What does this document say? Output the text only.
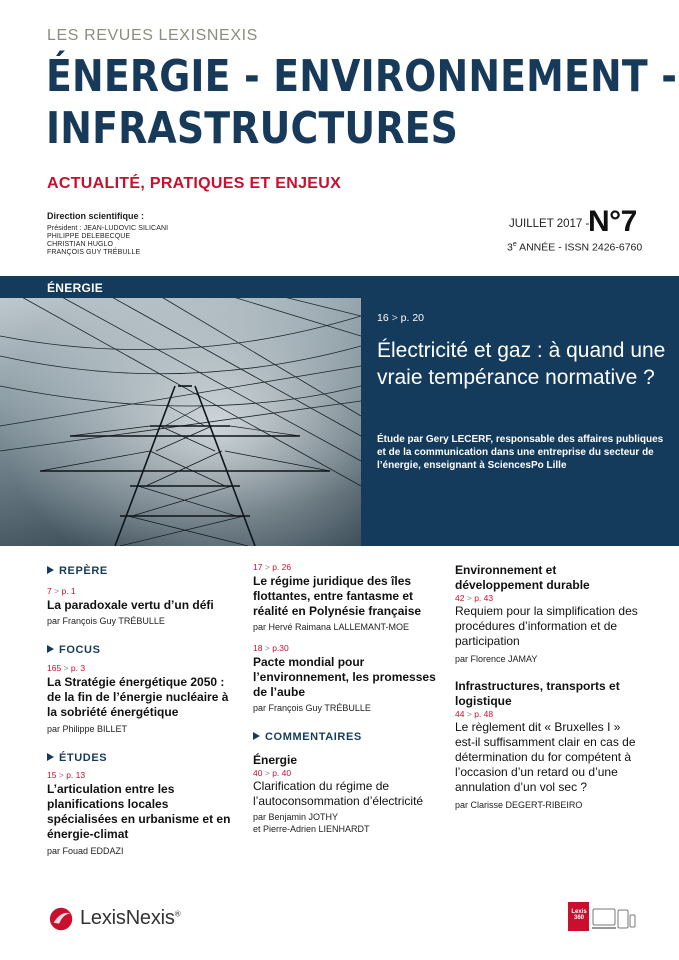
LES REVUES LEXISNEXIS
ÉNERGIE - ENVIRONNEMENT -
INFRASTRUCTURES
ACTUALITÉ, PRATIQUES ET ENJEUX
Direction scientifique :
Président : JEAN-LUDOVIC SILICANI
PHILIPPE DELEBECQUE
CHRISTIAN HUGLO
FRANÇOIS GUY TRÉBULLE
JUILLET 2017 -
N°7
3e ANNÉE - ISSN 2426-6760
ÉNERGIE
16 > p. 20
Électricité et gaz : à quand une vraie tempérance normative ?
Étude par Gery LECERF, responsable des affaires publiques et de la communication dans une entreprise du secteur de l’énergie, enseignant à SciencesPo Lille
REPÈRE
7 > p. 1
La paradoxale vertu d’un défi
par François Guy TRÉBULLE
FOCUS
165 > p. 3
La Stratégie énergétique 2050 : de la fin de l’énergie nucléaire à la sobriété énergétique
par Philippe BILLET
ÉTUDES
15 > p. 13
L’articulation entre les planifications locales spécialisées en urbanisme et en énergie-climat
par Fouad EDDAZI
17 > p. 26
Le régime juridique des îles flottantes, entre fantasme et réalité en Polynésie française
par Hervé Raimana LALLEMANT-MOE
18 > p.30
Pacte mondial pour l’environnement, les promesses de l’aube
par François Guy TRÉBULLE
COMMENTAIRES
Énergie
40 > p. 40
Clarification du régime de l’autoconsommation d’électricité
par Benjamin JOTHY
et Pierre-Adrien LIENHARDT
Environnement et développement durable
42 > p. 43
Requiem pour la simplification des procédures d’information et de participation
par Florence JAMAY
Infrastructures, transports et logistique
44 > p. 48
Le règlement dit « Bruxelles I » est-il suffisamment clair en cas de détermination du for compétent à l’occasion d’un retard ou d’une annulation d’un vol sec ?
par Clarisse DEGERT-RIBEIRO
LexisNexis®	Lexis 360
